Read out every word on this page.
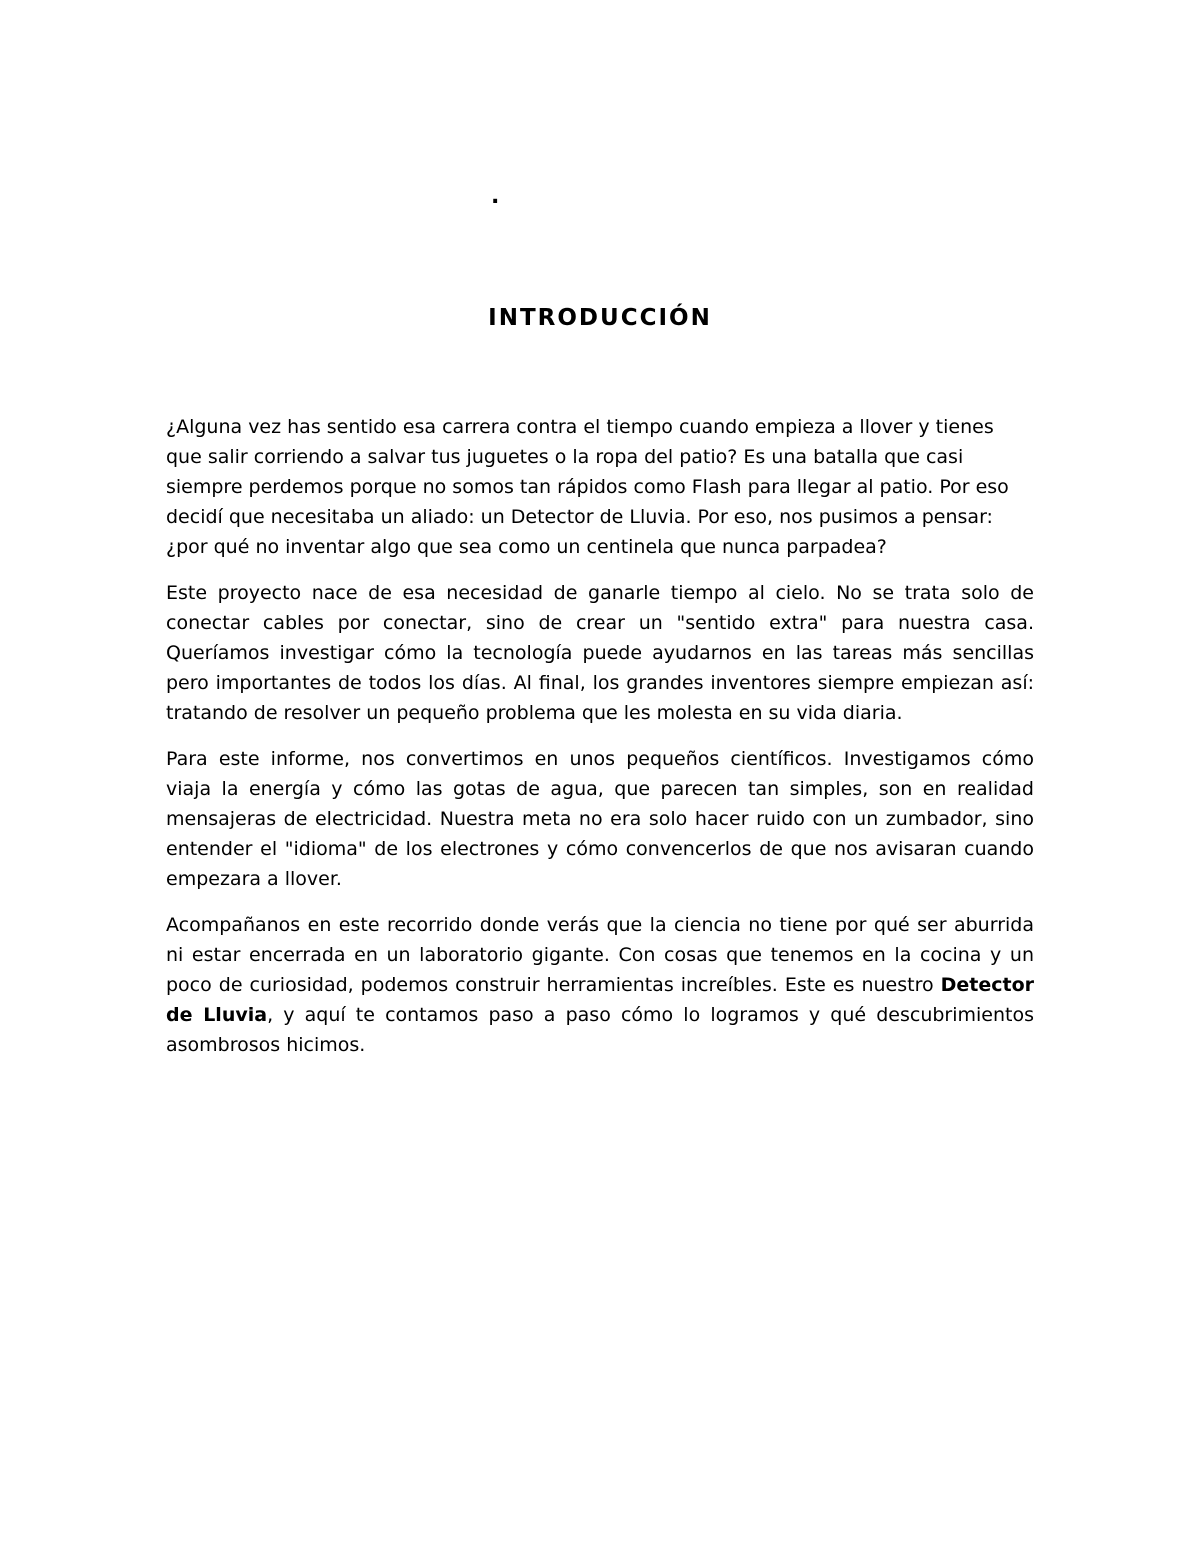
.
INTRODUCCIÓN

¿Alguna vez has sentido esa carrera contra el tiempo cuando empieza a llover y tienes que salir corriendo a salvar tus juguetes o la ropa del patio? Es una batalla que casi siempre perdemos porque no somos tan rápidos como Flash para llegar al patio. Por eso decidí que necesitaba un aliado: un Detector de Lluvia. Por eso, nos pusimos a pensar: ¿por qué no inventar algo que sea como un centinela que nunca parpadea?

Este proyecto nace de esa necesidad de ganarle tiempo al cielo. No se trata solo de conectar cables por conectar, sino de crear un "sentido extra" para nuestra casa. Queríamos investigar cómo la tecnología puede ayudarnos en las tareas más sencillas pero importantes de todos los días. Al final, los grandes inventores siempre empiezan así: tratando de resolver un pequeño problema que les molesta en su vida diaria.

Para este informe, nos convertimos en unos pequeños científicos. Investigamos cómo viaja la energía y cómo las gotas de agua, que parecen tan simples, son en realidad mensajeras de electricidad. Nuestra meta no era solo hacer ruido con un zumbador, sino entender el "idioma" de los electrones y cómo convencerlos de que nos avisaran cuando empezara a llover.

Acompañanos en este recorrido donde verás que la ciencia no tiene por qué ser aburrida ni estar encerrada en un laboratorio gigante. Con cosas que tenemos en la cocina y un poco de curiosidad, podemos construir herramientas increíbles. Este es nuestro Detector de Lluvia, y aquí te contamos paso a paso cómo lo logramos y qué descubrimientos asombrosos hicimos.
